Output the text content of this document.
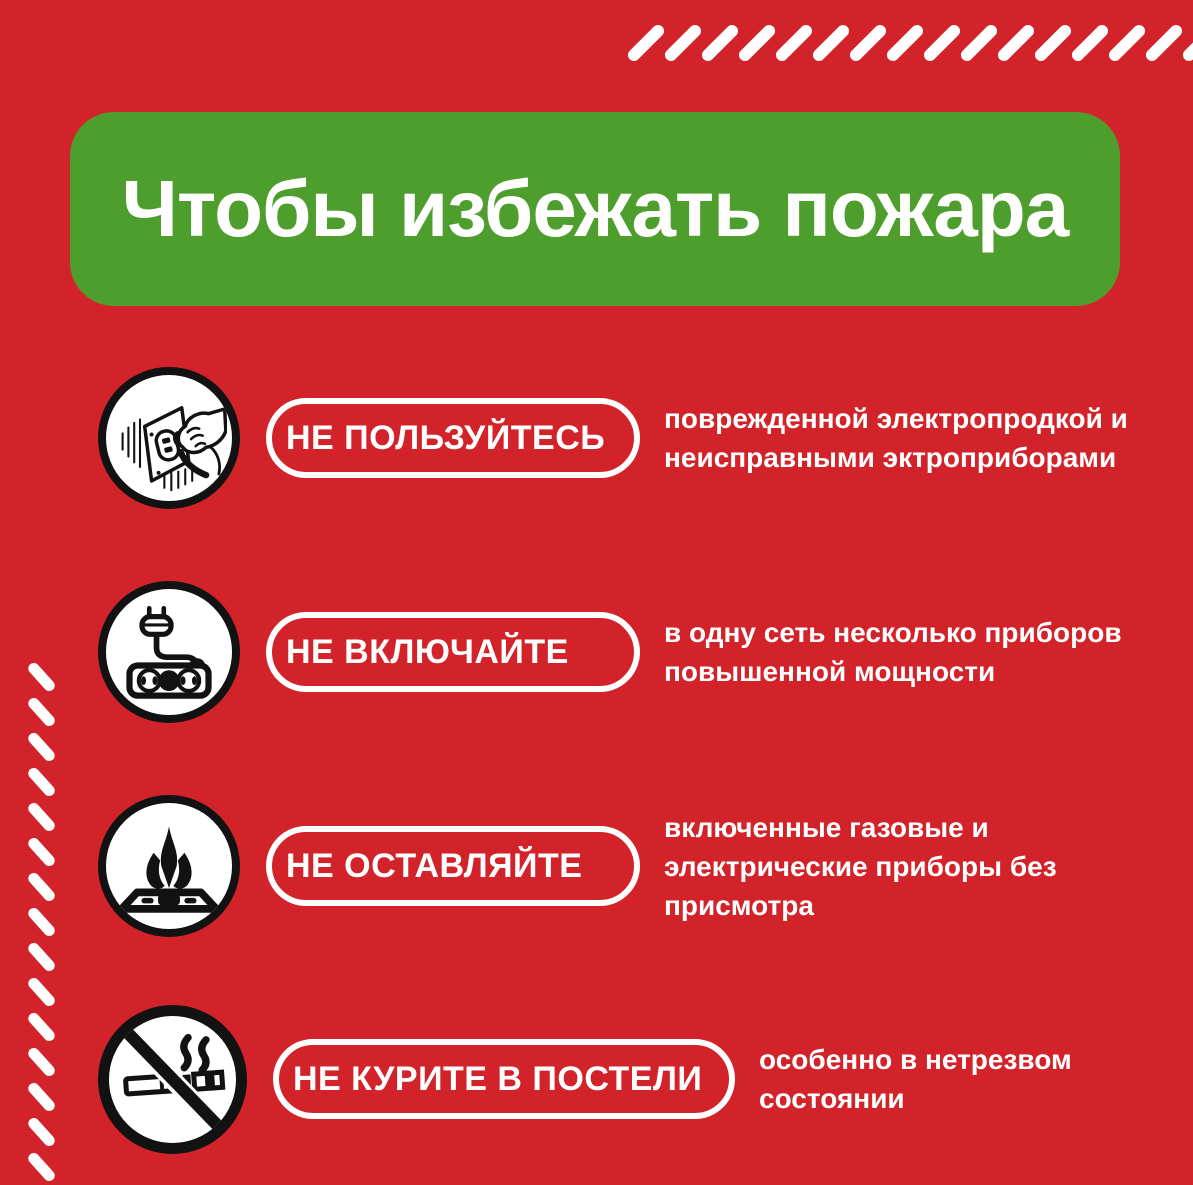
Чтобы избежать пожара
НЕ ПОЛЬЗУЙТЕСЬ поврежденной электропродкой и
неисправными эктроприборами
НЕ ВКЛЮЧАЙТЕ	в одну сеть несколько приборов
повышенной мощности
НЕ ОСТАВЛЯЙТЕ
включенные газовые и
электрические приборы без
присмотра
НЕ КУРИТЕ В ПОСТЕЛИ особенно в нетрезвом
состоянии
